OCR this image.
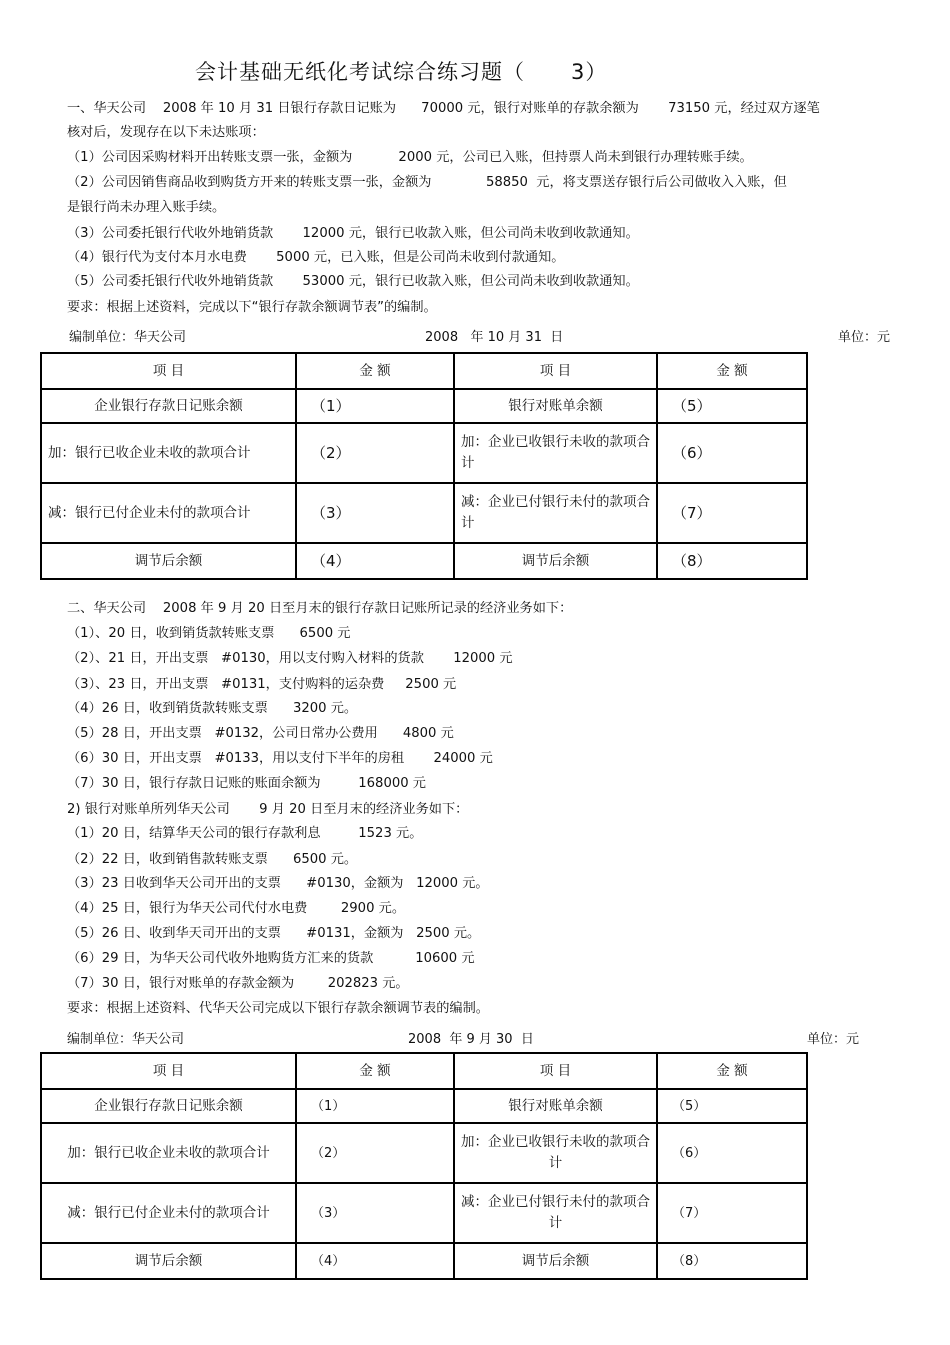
会计基础无纸化考试综合练习题（      3）
一、华天公司    2008 年 10 月 31 日银行存款日记账为      70000 元，银行对账单的存款余额为       73150 元，经过双方逐笔
核对后，发现存在以下未达账项：
（1）公司因采购材料开出转账支票一张，金额为           2000 元，公司已入账，但持票人尚未到银行办理转账手续。
（2）公司因销售商品收到购货方开来的转账支票一张，金额为             58850  元，将支票送存银行后公司做收入入账，但
是银行尚未办理入账手续。
（3）公司委托银行代收外地销货款       12000 元，银行已收款入账，但公司尚未收到收款通知。
（4）银行代为支付本月水电费       5000 元，已入账，但是公司尚未收到付款通知。
（5）公司委托银行代收外地销货款       53000 元，银行已收款入账，但公司尚未收到收款通知。
要求：根据上述资料，完成以下“银行存款余额调节表”的编制。
编制单位：华天公司	2008   年 10 月 31  日	单位：元
项 目	金 额	项 目	金 额
企业银行存款日记账余额	（1）	银行对账单余额	（5）
加：银行已收企业未收的款项合计	（2）	加：企业已收银行未收的款项合计	（6）
减：银行已付企业未付的款项合计	（3）	减：企业已付银行未付的款项合计	（7）
调节后余额	（4）	调节后余额	（8）
二、华天公司    2008 年 9 月 20 日至月末的银行存款日记账所记录的经济业务如下：
（1）、20 日，收到销货款转账支票      6500 元
（2）、21 日，开出支票   #0130，用以支付购入材料的货款       12000 元
（3）、23 日，开出支票   #0131，支付购料的运杂费     2500 元
（4）26 日，收到销货款转账支票      3200 元。
（5）28 日，开出支票   #0132，公司日常办公费用      4800 元
（6）30 日，开出支票   #0133，用以支付下半年的房租       24000 元
（7）30 日，银行存款日记账的账面余额为         168000 元
2) 银行对账单所列华天公司       9 月 20 日至月末的经济业务如下：
（1）20 日，结算华天公司的银行存款利息         1523 元。
（2）22 日，收到销售款转账支票      6500 元。
（3）23 日收到华天公司开出的支票      #0130，金额为   12000 元。
（4）25 日，银行为华天公司代付水电费        2900 元。
（5）26 日、收到华天司开出的支票      #0131，金额为   2500 元。
（6）29 日，为华天公司代收外地购货方汇来的货款          10600 元
（7）30 日，银行对账单的存款金额为        202823 元。
要求：根据上述资料、代华天公司完成以下银行存款余额调节表的编制。
编制单位：华天公司	2008  年 9 月 30  日	单位：元
项 目	金 额	项 目	金 额
企业银行存款日记账余额	（1）	银行对账单余额	（5）
加：银行已收企业未收的款项合计	（2）	加：企业已收银行未收的款项合计	（6）
减：银行已付企业未付的款项合计	（3）	减：企业已付银行未付的款项合计	（7）
调节后余额	（4）	调节后余额	（8）
